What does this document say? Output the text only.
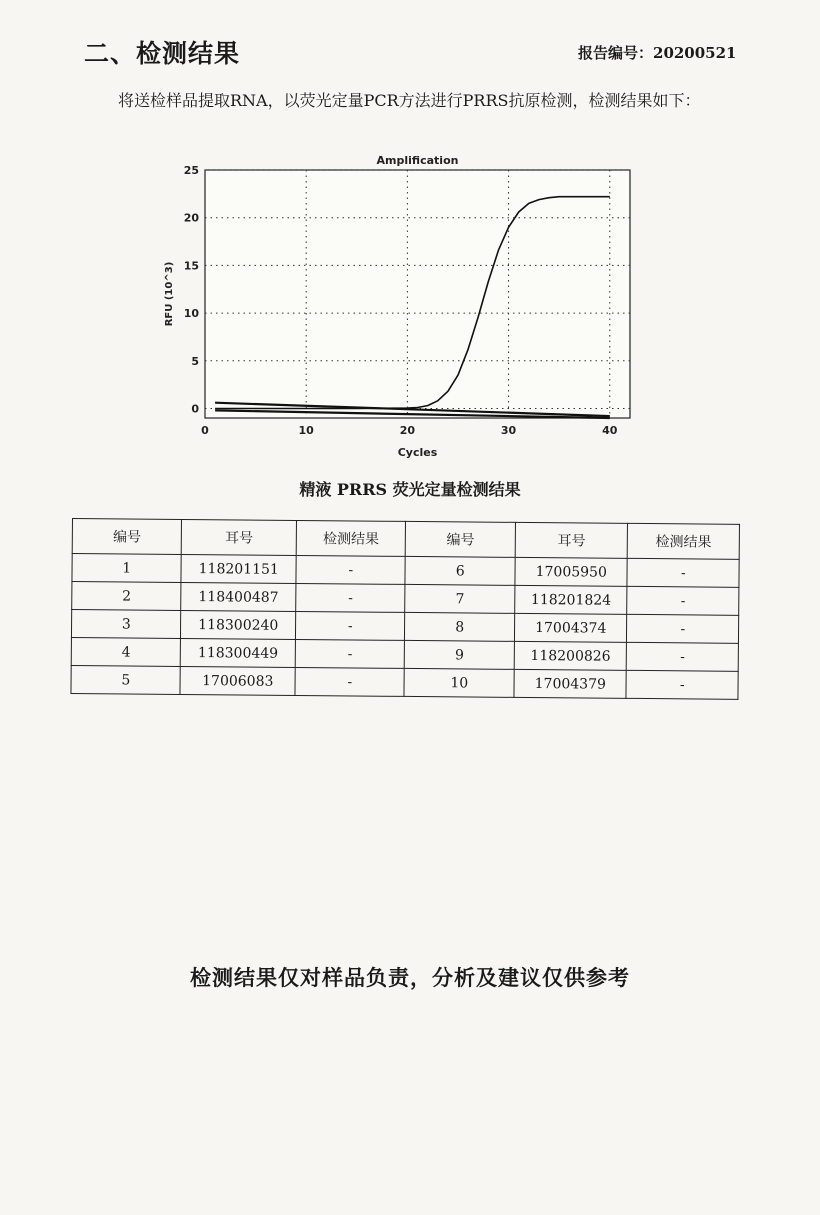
二、检测结果	报告编号：20200521
将送检样品提取RNA，以荧光定量PCR方法进行PRRS抗原检测，检测结果如下：
0
5
10
15
20
25
0	10	20	30	40
Amplification
Cycles
RFU (10^3)
精液 PRRS 荧光定量检测结果
编号	耳号	检测结果	编号	耳号	检测结果
1	118201151	-	6	17005950	-
2	118400487	-	7	118201824	-
3	118300240	-	8	17004374	-
4	118300449	-	9	118200826	-
5	17006083	-	10	17004379	-
检测结果仅对样品负责，分析及建议仅供参考
